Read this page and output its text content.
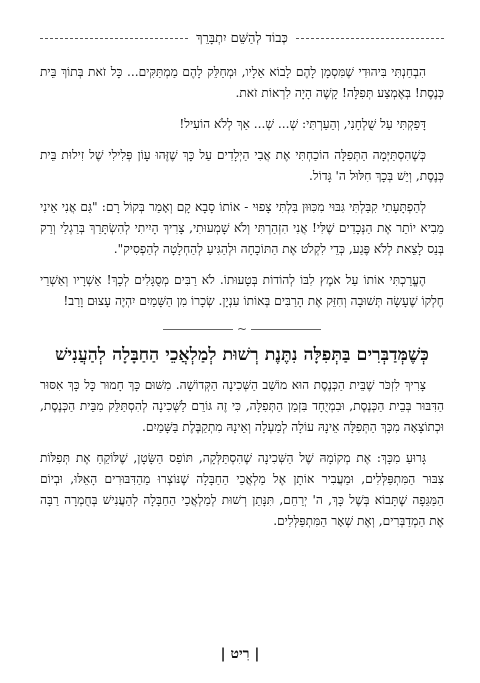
כְּבוֹד לְהַשֵּׁם יִתְבָּרֵךְ

הִבְחַנְתִּי בִּיהוּדִי שֶׁמִּסְמָן לָהֶם לָבוֹא אֵלָיו, וּמְחַלֵּק לָהֶם מַמְתַּקִּים... כָּל זֹאת בְּתוֹךְ בֵּית כְּנֶסֶת! בְּאֶמְצַע תְּפִלָּה! קָשֶׁה הָיָה לִרְאוֹת זֹאת.

דָּפַקְתִּי עַל שֻׁלְחָנִי, וְהֵעַרְתִּי: שְׁ... שְׁ... אַךְ לְלֹא הוֹעִיל!

כְּשֶׁהִסְתַּיְּמָה הַתְּפִלָּה הוֹכַחְתִּי אֶת אֲבִי הַיְלָדִים עַל כָּךְ שֶׁזֶּהוּ עָוֹן פְּלִילִי שֶׁל זִילוּת בֵּית כְּנֶסֶת, וְיֵשׁ בְּכָךְ חִלּוּל ה' גָּדוֹל.

לְהַפְתָּעָתִי קִבַּלְתִּי גִּבּוּי מִכִּוּוּן בִּלְתִּי צָפוּי - אוֹתוֹ סָבָא קָם וְאָמַר בְּקוֹל רָם: "גַּם אֲנִי אֵינִי מֵבִיא יוֹתֵר אֶת הַנְּכָדִים שֶׁלִּי! אֲנִי הִזְהַרְתִּי וְלֹא שָׁמְעוּתִי, צָרִיךְ הָיִיתִי לְהִשְׂתָּרֵךְ בְּרַגְלַי וְרַק בְּנֵס לָצֵאת לְלֹא פֶּגַע, כְּדֵי לִקְלֹט אֶת הַתּוֹכָחָה וּלְהַגִּיעַ לְהַחְלָטָה לְהַפְסִיק".

הֶעֱרַכְתִּי אוֹתוֹ עַל אֹמֶץ לִבּוֹ לְהוֹדוֹת בְּטָעוּתוֹ. לֹא רַבִּים מְסֻגָּלִים לְכָךְ! אַשְׁרָיו וְאַשְׁרֵי חֶלְקוֹ שֶׁעָשָׂה תְּשׁוּבָה וְחִזֵּק אֶת הָרַבִּים בְּאוֹתוֹ עִנְיָן. שְׂכָרוֹ מִן הַשָּׁמַיִם יִהְיֶה עָצוּם וָרַב!

~
כְּשֶׁמְּדַבְּרִים בַּתְּפִלָּה נִתֶּנֶת רְשׁוּת לְמַלְאֲכֵי הַחַבָּלָה לְהַעֲנִישׁ

צָרִיךְ לִזְכֹּר שֶׁבֵּית הַכְּנֶסֶת הוּא מוֹשַׁב הַשְּׁכִינָה הַקְּדוֹשָׁה. מִשּׁוּם כָּךְ חָמוּר כָּל כָּךְ אִסּוּר הַדִּבּוּר בְּבֵית הַכְּנֶסֶת, וּבִמְיֻחָד בִּזְמַן הַתְּפִלָּה, כִּי זֶה גּוֹרֵם לַשְּׁכִינָה לְהִסְתַּלֵּק מִבֵּית הַכְּנֶסֶת, וּכְתוֹצָאָה מִכָּךְ הַתְּפִלָּה אֵינָהּ עוֹלָה לְמַעְלָה וְאֵינָהּ מִתְקַבֶּלֶת בַּשָּׁמַיִם.

גָּרוּעַ מִכָּךְ: אֶת מְקוֹמָהּ שֶׁל הַשְּׁכִינָה שֶׁהִסְתַּלְּקָה, תּוֹפֵס הַשָּׂטָן, שֶׁלּוֹקֵחַ אֶת תְּפִלּוֹת צִבּוּר הַמִּתְפַּלְּלִים, וּמַעֲבִיר אוֹתָן אֶל מַלְאֲכֵי הַחַבָּלָה שֶׁנּוֹצְרוּ מֵהַדִּבּוּרִים הָאֵלּוּ, וּבְיוֹם הַמַּגֵּפָה שֶׁתָּבוֹא בְּשֶׁל כָּךְ, ה' יְרַחֵם, תִּנָּתֵן רְשׁוּת לְמַלְאֲכֵי הַחַבָּלָה לְהַעֲנִישׁ בְּחֻמְרָה רַבָּה אֶת הַמְדַבְּרִים, וְאֶת שְׁאָר הַמִּתְפַּלְּלִים.

| רִיט |
